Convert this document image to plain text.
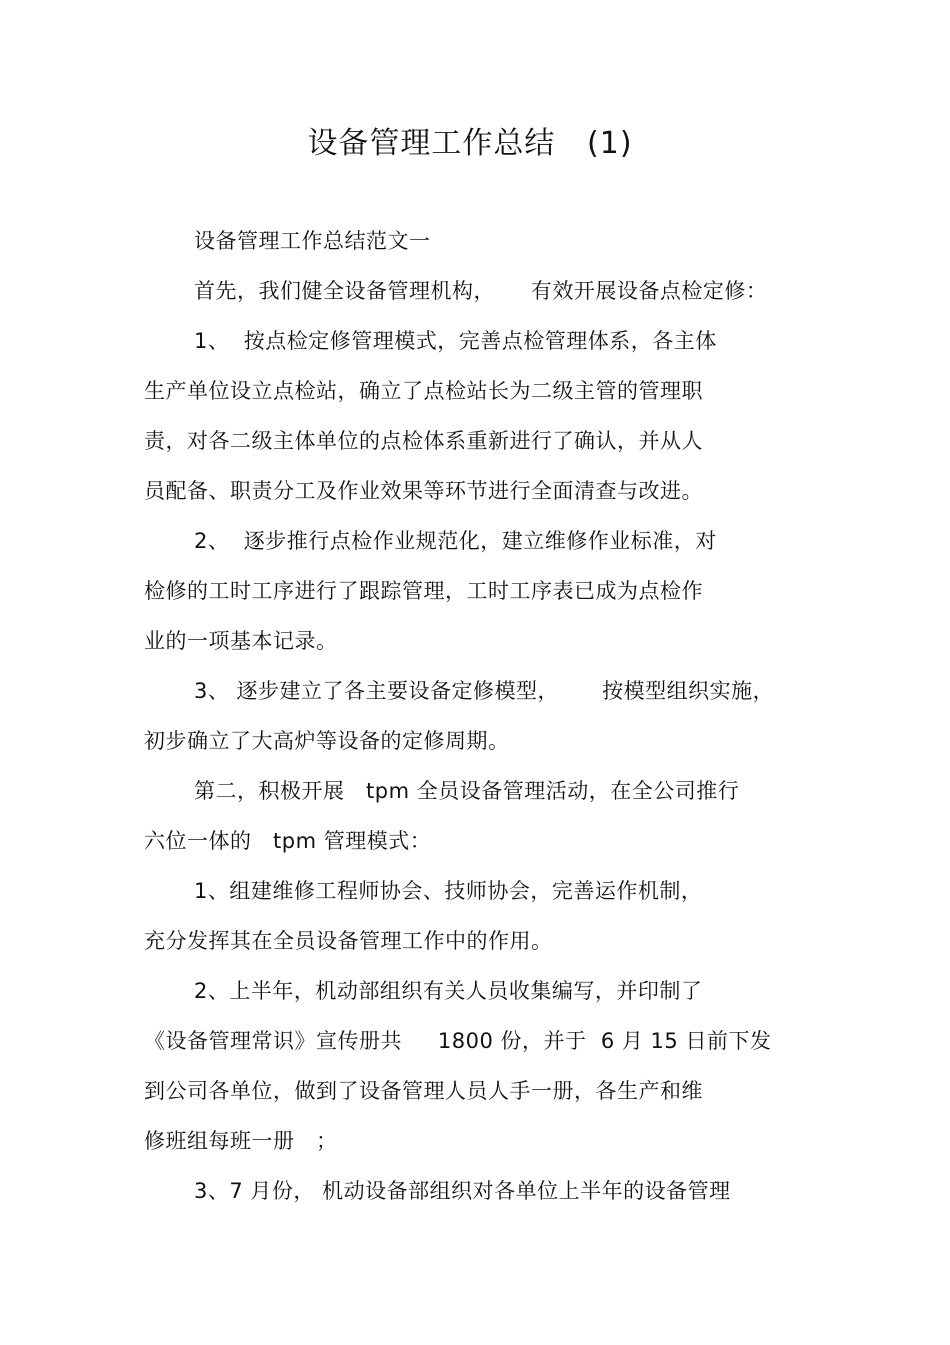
设备管理工作总结   (1)
设备管理工作总结范文一
首先，我们健全设备管理机构，     有效开展设备点检定修：
1、  按点检定修管理模式，完善点检管理体系，各主体
生产单位设立点检站，确立了点检站长为二级主管的管理职
责，对各二级主体单位的点检体系重新进行了确认，并从人
员配备、职责分工及作业效果等环节进行全面清查与改进。
2、  逐步推行点检作业规范化，建立维修作业标准，对
检修的工时工序进行了跟踪管理，工时工序表已成为点检作
业的一项基本记录。
3、 逐步建立了各主要设备定修模型，      按模型组织实施，
初步确立了大高炉等设备的定修周期。
第二，积极开展   tpm 全员设备管理活动，在全公司推行
六位一体的   tpm 管理模式：
1、组建维修工程师协会、技师协会，完善运作机制，
充分发挥其在全员设备管理工作中的作用。
2、上半年，机动部组织有关人员收集编写，并印制了
《设备管理常识》宣传册共     1800 份，并于  6 月 15 日前下发
到公司各单位，做到了设备管理人员人手一册，各生产和维
修班组每班一册   ；
3、7 月份， 机动设备部组织对各单位上半年的设备管理
